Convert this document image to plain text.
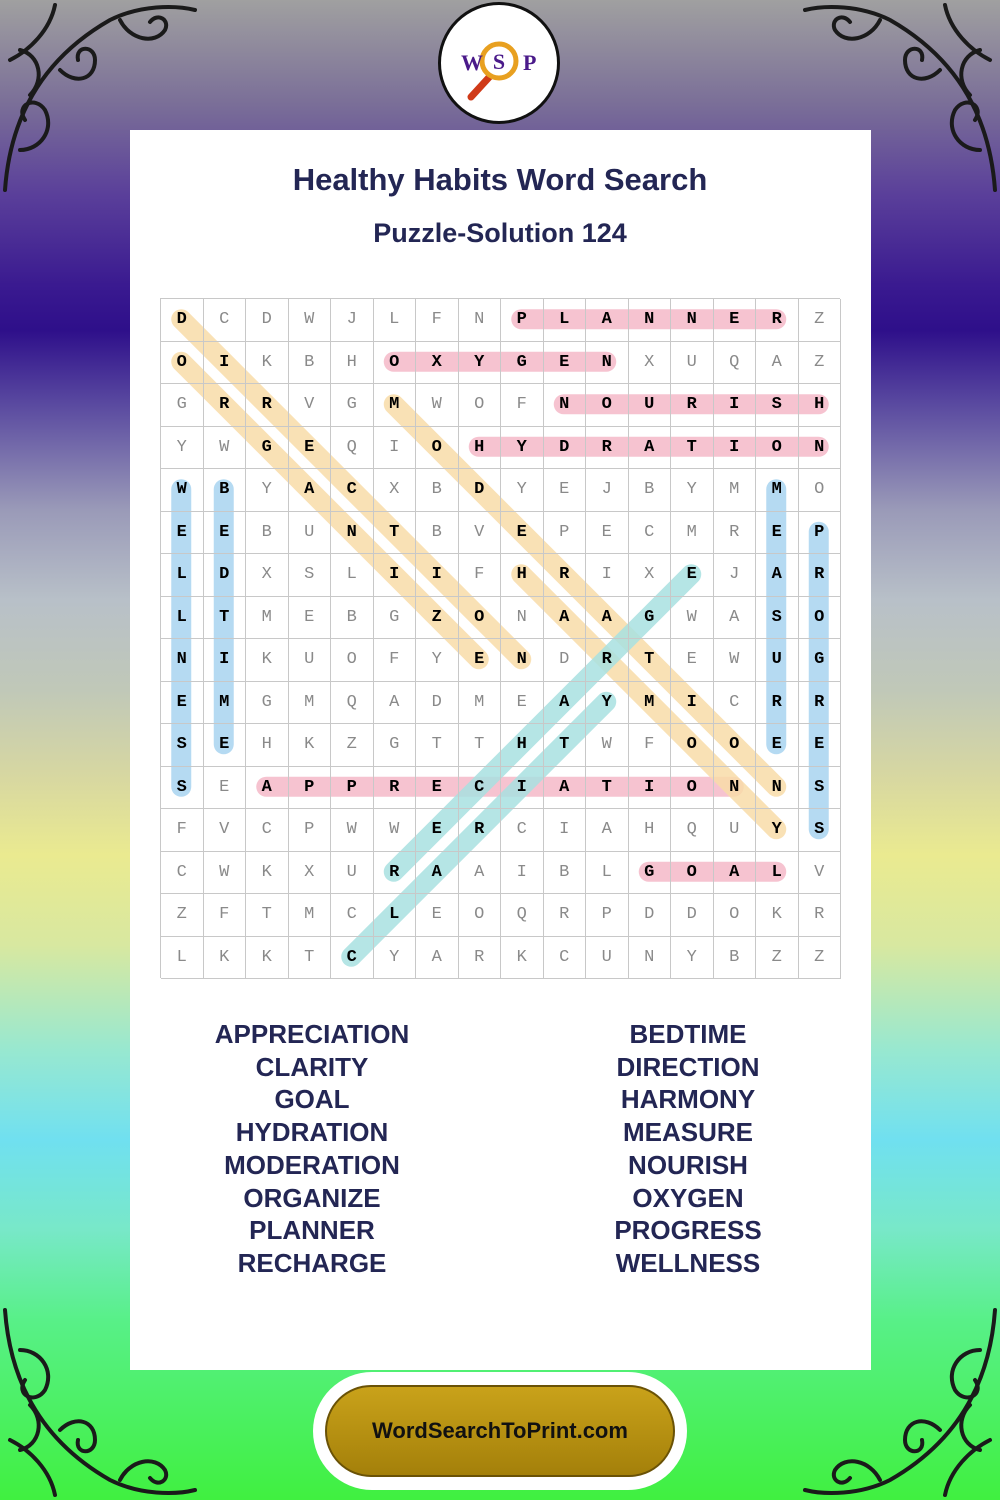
W S P
Healthy Habits Word Search
Puzzle-Solution 124
D	C	D	W	J	L	F	N	P	L	A	N	N	E	R	Z
O	I	K	B	H	O	X	Y	G	E	N	X	U	Q	A	Z
G	R	R	V	G	M	W	O	F	N	O	U	R	I	S	H
Y	W	G	E	Q	I	O	H	Y	D	R	A	T	I	O	N
W	B	Y	A	C	X	B	D	Y	E	J	B	Y	M	M	O
E	E	B	U	N	T	B	V	E	P	E	C	M	R	E	P
L	D	X	S	L	I	I	F	H	R	I	X	E	J	A	R
L	T	M	E	B	G	Z	O	N	A	A	G	W	A	S	O
N	I	K	U	O	F	Y	E	N	D	R	T	E	W	U	G
E	M	G	M	Q	A	D	M	E	A	Y	M	I	C	R	R
S	E	H	K	Z	G	T	T	H	T	W	F	O	O	E	E
S	E	A	P	P	R	E	C	I	A	T	I	O	N	N	S
F	V	C	P	W	W	E	R	C	I	A	H	Q	U	Y	S
C	W	K	X	U	R	A	A	I	B	L	G	O	A	L	V
Z	F	T	M	C	L	E	O	Q	R	P	D	D	O	K	R
L	K	K	T	C	Y	A	R	K	C	U	N	Y	B	Z	Z
APPRECIATION
CLARITY
GOAL
HYDRATION
MODERATION
ORGANIZE
PLANNER
RECHARGE
BEDTIME
DIRECTION
HARMONY
MEASURE
NOURISH
OXYGEN
PROGRESS
WELLNESS
WordSearchToPrint.com
